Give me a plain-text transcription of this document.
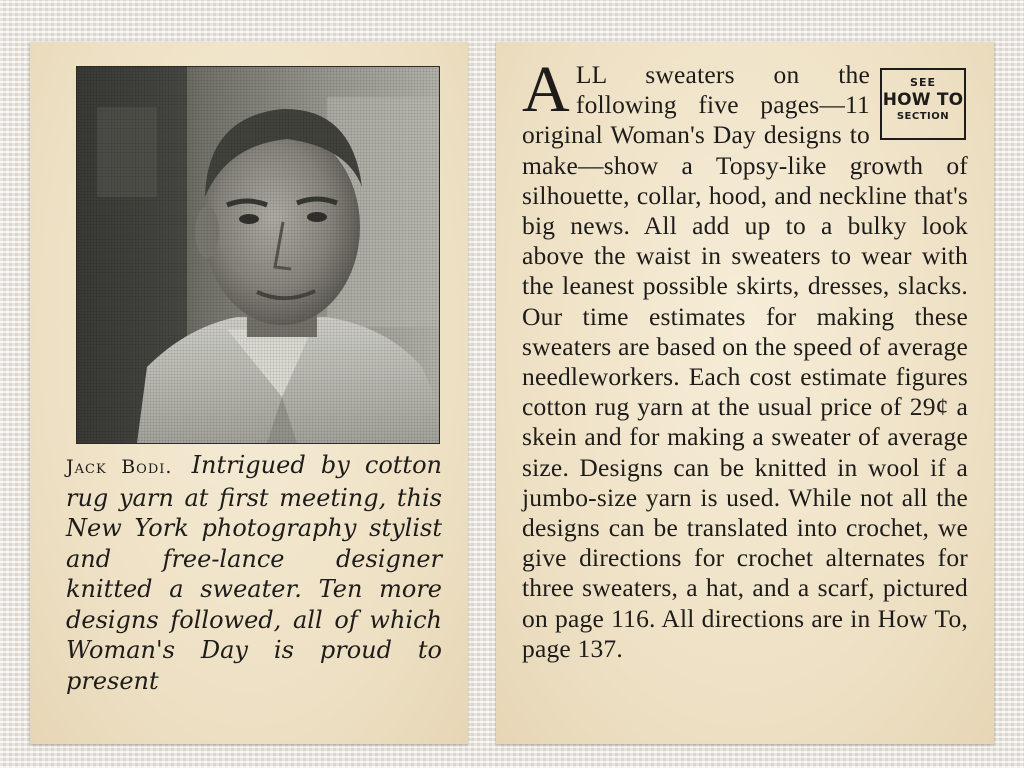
Jack Bodi. Intrigued by cotton rug yarn at first meeting, this New York photography stylist and free-lance designer knitted a sweater. Ten more designs followed, all of which Woman's Day is proud to present
A	SEE
HOW TO
SECTION
LL sweaters on the following five pages—11 original Woman's Day designs to make—show a Topsy-like growth of silhouette, collar, hood, and neckline that's big news. All add up to a bulky look above the waist in sweaters to wear with the leanest possible skirts, dresses, slacks. Our time estimates for making these sweaters are based on the speed of average needleworkers. Each cost estimate figures cotton rug yarn at the usual price of 29¢ a skein and for making a sweater of average size. Designs can be knitted in wool if a jumbo-size yarn is used. While not all the designs can be translated into crochet, we give directions for crochet alternates for three sweaters, a hat, and a scarf, pictured on page 116. All directions are in How To, page 137.
